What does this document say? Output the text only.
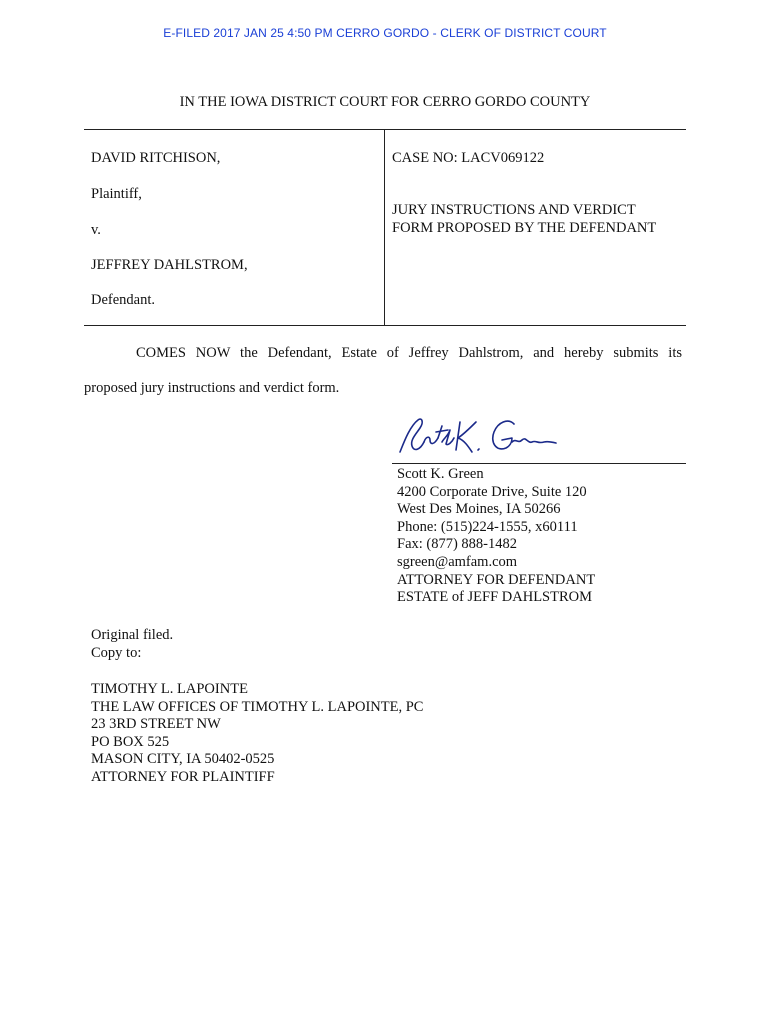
E-FILED 2017 JAN 25 4:50 PM CERRO GORDO - CLERK OF DISTRICT COURT
IN THE IOWA DISTRICT COURT FOR CERRO GORDO COUNTY
DAVID RITCHISON,
Plaintiff,
v.
JEFFREY DAHLSTROM,
Defendant.
CASE NO: LACV069122
JURY INSTRUCTIONS AND VERDICT
FORM PROPOSED BY THE DEFENDANT
COMES NOW the Defendant, Estate of Jeffrey Dahlstrom, and hereby submits its
proposed jury instructions and verdict form.
Scott K. Green
4200 Corporate Drive, Suite 120
West Des Moines, IA 50266
Phone: (515)224-1555, x60111
Fax: (877) 888-1482
sgreen@amfam.com
ATTORNEY FOR DEFENDANT
ESTATE of JEFF DAHLSTROM
Original filed.
Copy to:
TIMOTHY L. LAPOINTE
THE LAW OFFICES OF TIMOTHY L. LAPOINTE, PC
23 3RD STREET NW
PO BOX 525
MASON CITY, IA 50402-0525
ATTORNEY FOR PLAINTIFF
